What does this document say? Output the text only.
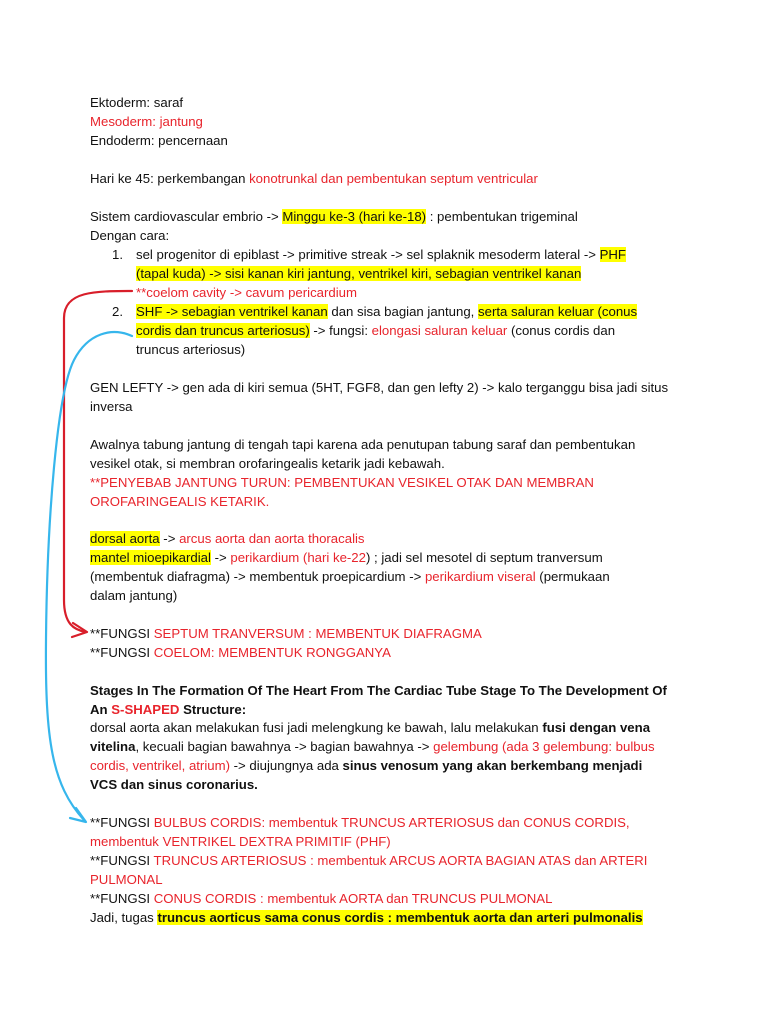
Ektoderm: saraf
Mesoderm: jantung
Endoderm: pencernaan
Hari ke 45: perkembangan konotrunkal dan pembentukan septum ventricular
Sistem cardiovascular embrio -> Minggu ke-3 (hari ke-18) : pembentukan trigeminal
Dengan cara:
1. sel progenitor di epiblast -> primitive streak -> sel splaknik mesoderm lateral -> PHF
(tapal kuda) -> sisi kanan kiri jantung, ventrikel kiri, sebagian ventrikel kanan
**coelom cavity -> cavum pericardium
2. SHF -> sebagian ventrikel kanan dan sisa bagian jantung, serta saluran keluar (conus
cordis dan truncus arteriosus) -> fungsi: elongasi saluran keluar (conus cordis dan
truncus arteriosus)
GEN LEFTY -> gen ada di kiri semua (5HT, FGF8, dan gen lefty 2) -> kalo terganggu bisa jadi situs
inversa
Awalnya tabung jantung di tengah tapi karena ada penutupan tabung saraf dan pembentukan
vesikel otak, si membran orofaringealis ketarik jadi kebawah.
**PENYEBAB JANTUNG TURUN: PEMBENTUKAN VESIKEL OTAK DAN MEMBRAN
OROFARINGEALIS KETARIK.
dorsal aorta -> arcus aorta dan aorta thoracalis
mantel mioepikardial -> perikardium (hari ke-22) ; jadi sel mesotel di septum tranversum
(membentuk diafragma) -> membentuk proepicardium -> perikardium viseral (permukaan
dalam jantung)
**FUNGSI SEPTUM TRANVERSUM : MEMBENTUK DIAFRAGMA
**FUNGSI COELOM: MEMBENTUK RONGGANYA
Stages In The Formation Of The Heart From The Cardiac Tube Stage To The Development Of
An S-SHAPED Structure:
dorsal aorta akan melakukan fusi jadi melengkung ke bawah, lalu melakukan fusi dengan vena
vitelina, kecuali bagian bawahnya -> bagian bawahnya -> gelembung (ada 3 gelembung: bulbus
cordis, ventrikel, atrium) -> diujungnya ada sinus venosum yang akan berkembang menjadi
VCS dan sinus coronarius.
**FUNGSI BULBUS CORDIS: membentuk TRUNCUS ARTERIOSUS dan CONUS CORDIS,
membentuk VENTRIKEL DEXTRA PRIMITIF (PHF)
**FUNGSI TRUNCUS ARTERIOSUS : membentuk ARCUS AORTA BAGIAN ATAS dan ARTERI
PULMONAL
**FUNGSI CONUS CORDIS : membentuk AORTA dan TRUNCUS PULMONAL
Jadi, tugas truncus aorticus sama conus cordis : membentuk aorta dan arteri pulmonalis
